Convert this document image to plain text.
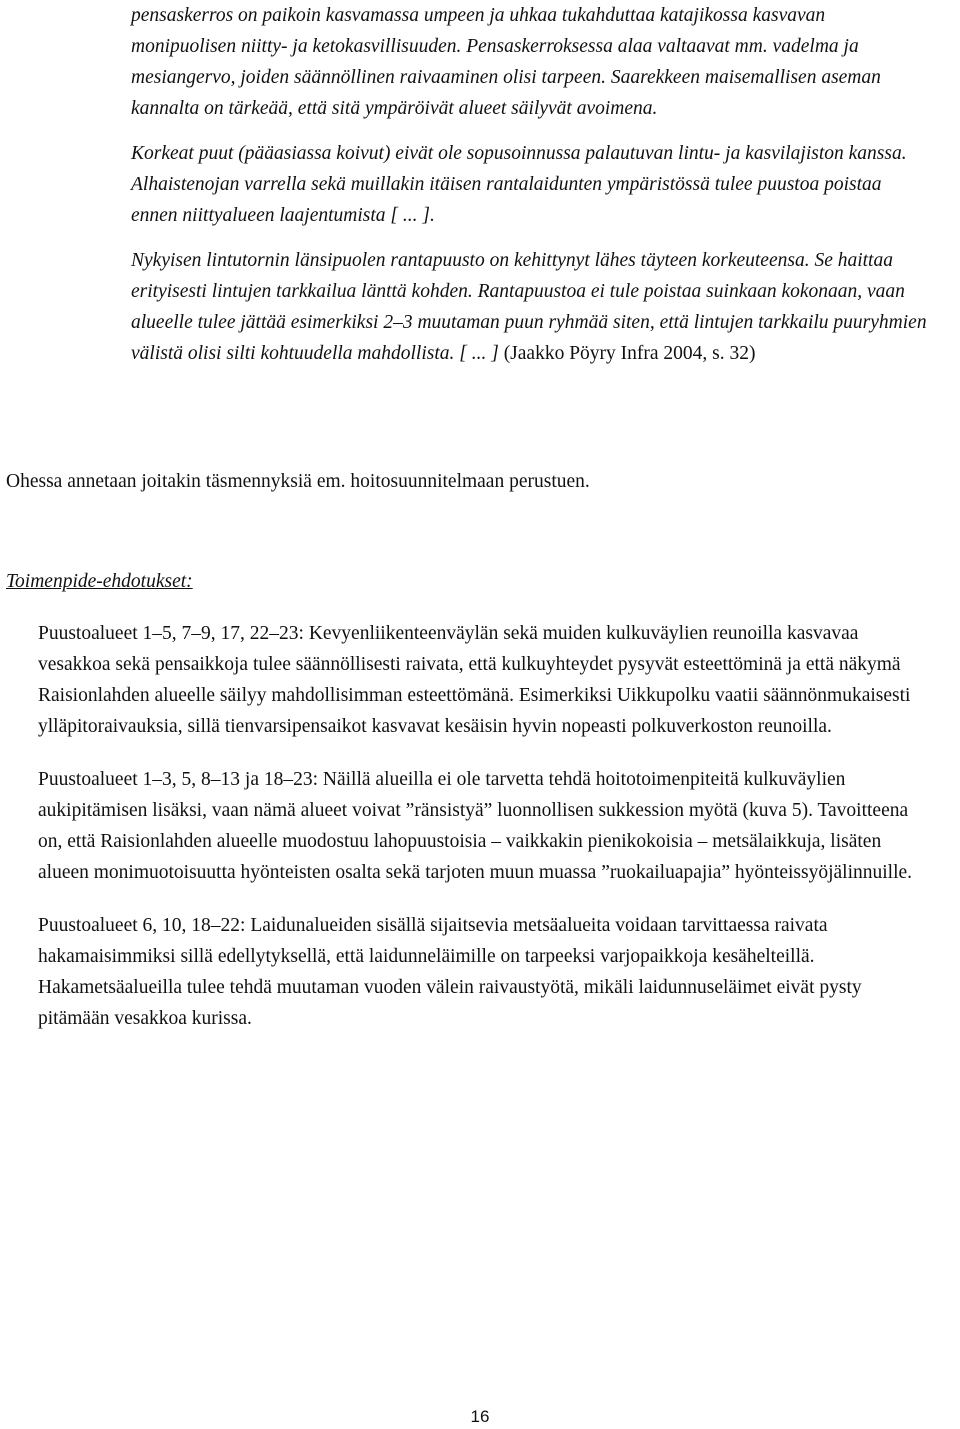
pensaskerros on paikoin kasvamassa umpeen ja uhkaa tukahduttaa katajikossa kasvavan monipuolisen niitty- ja ketokasvillisuuden. Pensaskerroksessa alaa valtaavat mm. vadelma ja mesiangervo, joiden säännöllinen raivaaminen olisi tarpeen. Saarekkeen maisemallisen aseman kannalta on tärkeää, että sitä ympäröivät alueet säilyvät avoimena.

Korkeat puut (pääasiassa koivut) eivät ole sopusoinnussa palautuvan lintu- ja kasvilajiston kanssa. Alhaistenojan varrella sekä muillakin itäisen rantalaidunten ympäristössä tulee puustoa poistaa ennen niittyalueen laajentumista [ ... ].

Nykyisen lintutornin länsipuolen rantapuusto on kehittynyt lähes täyteen korkeuteensa. Se haittaa erityisesti lintujen tarkkailua länttä kohden. Rantapuustoa ei tule poistaa suinkaan kokonaan, vaan alueelle tulee jättää esimerkiksi 2–3 muutaman puun ryhmää siten, että lintujen tarkkailu puuryhmien välistä olisi silti kohtuudella mahdollista. [ ... ] (Jaakko Pöyry Infra 2004, s. 32)

Ohessa annetaan joitakin täsmennyksiä em. hoitosuunnitelmaan perustuen.

Toimenpide-ehdotukset:

Puustoalueet 1–5, 7–9, 17, 22–23: Kevyenliikenteenväylän sekä muiden kulkuväylien reunoilla kasvavaa vesakkoa sekä pensaikkoja tulee säännöllisesti raivata, että kulkuyhteydet pysyvät esteettöminä ja että näkymä Raisionlahden alueelle säilyy mahdollisimman esteettömänä. Esimerkiksi Uikkupolku vaatii säännönmukaisesti ylläpitoraivauksia, sillä tienvarsipensaikot kasvavat kesäisin hyvin nopeasti polkuverkoston reunoilla.

Puustoalueet 1–3, 5, 8–13 ja 18–23: Näillä alueilla ei ole tarvetta tehdä hoitotoimenpiteitä kulkuväylien aukipitämisen lisäksi, vaan nämä alueet voivat ”ränsistyä” luonnollisen sukkession myötä (kuva 5). Tavoitteena on, että Raisionlahden alueelle muodostuu lahopuustoisia – vaikkakin pienikokoisia – metsälaikkuja, lisäten alueen monimuotoisuutta hyönteisten osalta sekä tarjoten muun muassa ”ruokailuapajia” hyönteissyöjälinnuille.

Puustoalueet 6, 10, 18–22: Laidunalueiden sisällä sijaitsevia metsäalueita voidaan tarvittaessa raivata hakamaisimmiksi sillä edellytyksellä, että laidunneläimille on tarpeeksi varjopaikkoja kesähelteillä. Hakametsäalueilla tulee tehdä muutaman vuoden välein raivaustyötä, mikäli laidunnuseläimet eivät pysty pitämään vesakkoa kurissa.

16
